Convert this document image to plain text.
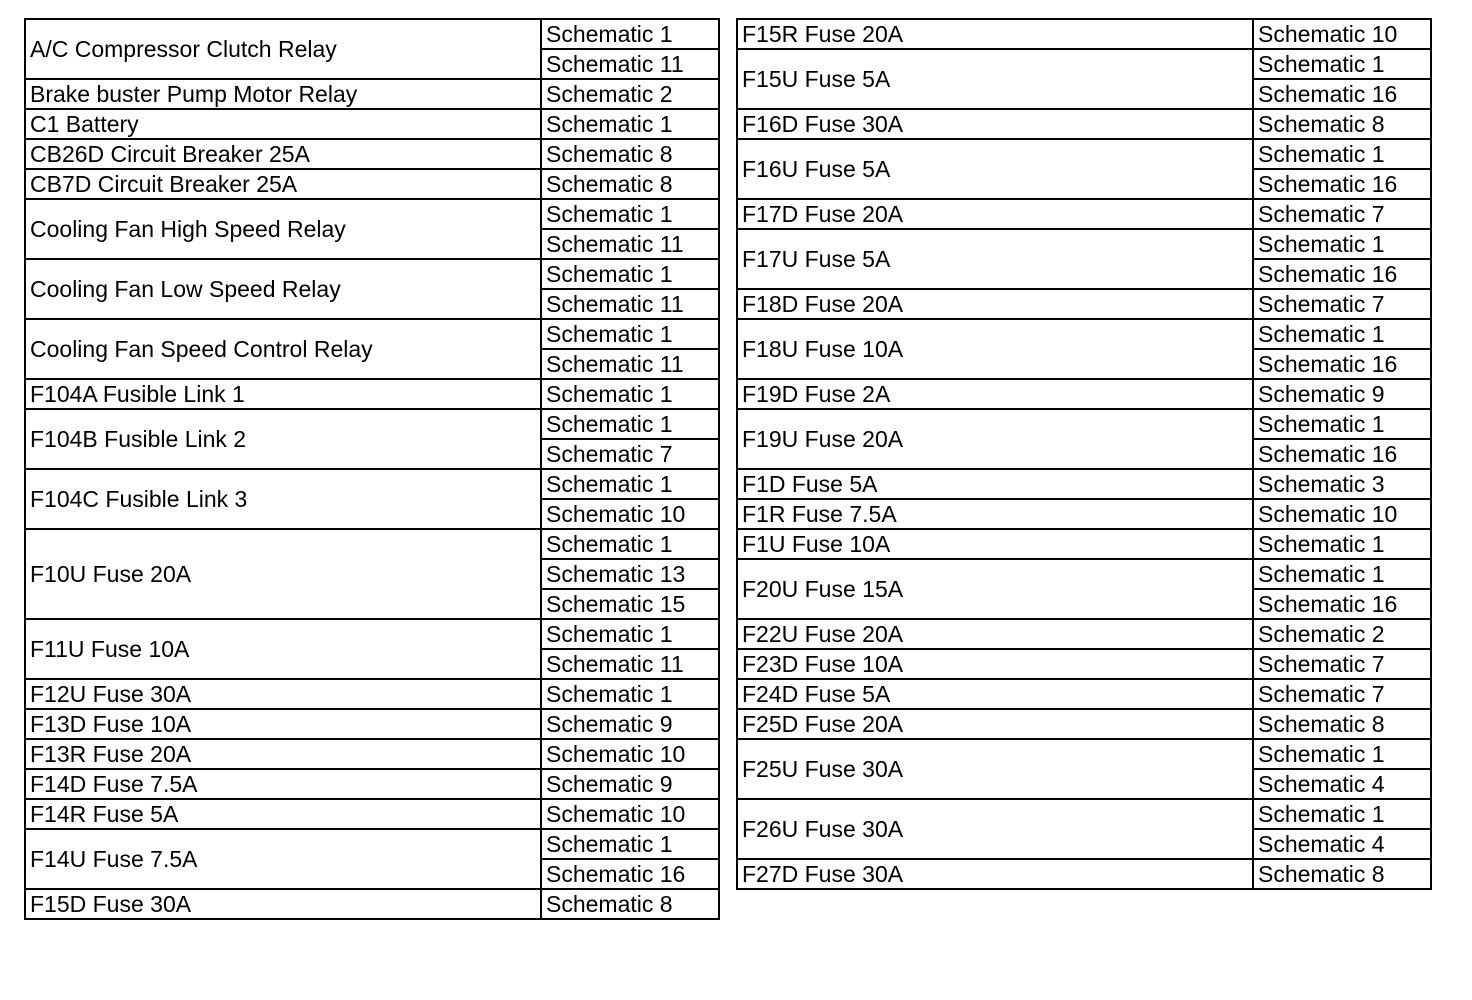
A/C Compressor Clutch Relay	Schematic 1
	Schematic 11
Brake buster Pump Motor Relay	Schematic 2
C1 Battery	Schematic 1
CB26D Circuit Breaker 25A	Schematic 8
CB7D Circuit Breaker 25A	Schematic 8
Cooling Fan High Speed Relay	Schematic 1
	Schematic 11
Cooling Fan Low Speed Relay	Schematic 1
	Schematic 11
Cooling Fan Speed Control Relay	Schematic 1
	Schematic 11
F104A Fusible Link 1	Schematic 1
F104B Fusible Link 2	Schematic 1
	Schematic 7
F104C Fusible Link 3	Schematic 1
	Schematic 10
F10U Fuse 20A	Schematic 1
	Schematic 13
	Schematic 15
F11U Fuse 10A	Schematic 1
	Schematic 11
F12U Fuse 30A	Schematic 1
F13D Fuse 10A	Schematic 9
F13R Fuse 20A	Schematic 10
F14D Fuse 7.5A	Schematic 9
F14R Fuse 5A	Schematic 10
F14U Fuse 7.5A	Schematic 1
	Schematic 16
F15D Fuse 30A	Schematic 8
F15R Fuse 20A	Schematic 10
F15U Fuse 5A	Schematic 1
	Schematic 16
F16D Fuse 30A	Schematic 8
F16U Fuse 5A	Schematic 1
	Schematic 16
F17D Fuse 20A	Schematic 7
F17U Fuse 5A	Schematic 1
	Schematic 16
F18D Fuse 20A	Schematic 7
F18U Fuse 10A	Schematic 1
	Schematic 16
F19D Fuse 2A	Schematic 9
F19U Fuse 20A	Schematic 1
	Schematic 16
F1D Fuse 5A	Schematic 3
F1R Fuse 7.5A	Schematic 10
F1U Fuse 10A	Schematic 1
F20U Fuse 15A	Schematic 1
	Schematic 16
F22U Fuse 20A	Schematic 2
F23D Fuse 10A	Schematic 7
F24D Fuse 5A	Schematic 7
F25D Fuse 20A	Schematic 8
F25U Fuse 30A	Schematic 1
	Schematic 4
F26U Fuse 30A	Schematic 1
	Schematic 4
F27D Fuse 30A	Schematic 8
